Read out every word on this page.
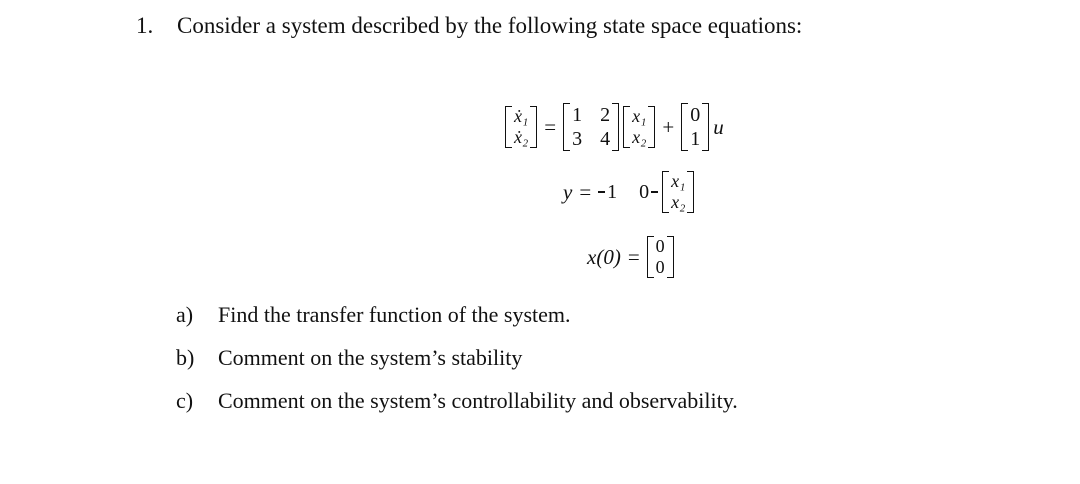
1. Consider a system described by the following state space equations:
ẋ₁
ẋ₂ = 1 2
3 4
x₁
x₂ + 0
1
u
y = 1 0 x₁
x₂
x(0) = 0
0
a) Find the transfer function of the system.
b) Comment on the system’s stability
c) Comment on the system’s controllability and observability.
